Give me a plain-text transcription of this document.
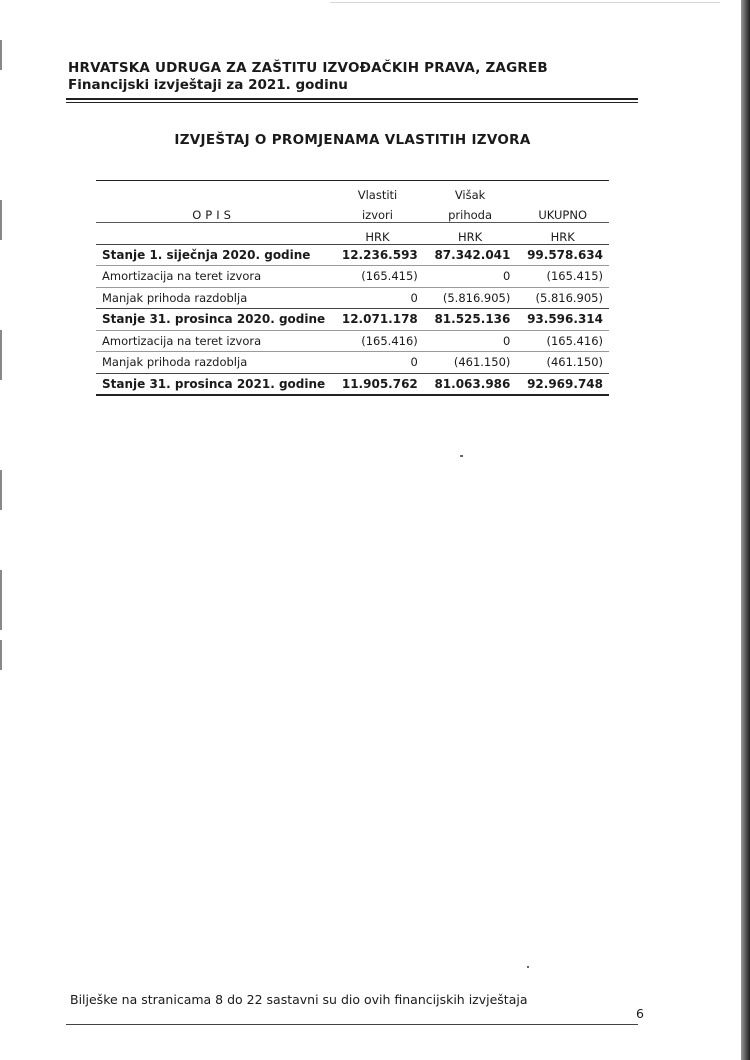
HRVATSKA UDRUGA ZA ZAŠTITU IZVOĐAČKIH PRAVA, ZAGREB
Financijski izvještaji za 2021. godinu
IZVJEŠTAJ O PROMJENAMA VLASTITIH IZVORA
OPIS	Vlastiti	Višak	
	izvori	prihoda	UKUPNO
	HRK	HRK	HRK
Stanje 1. siječnja 2020. godine	12.236.593	87.342.041	99.578.634
Amortizacija na teret izvora	(165.415)	0	(165.415)
Manjak prihoda razdoblja	0	(5.816.905)	(5.816.905)
Stanje 31. prosinca 2020. godine	12.071.178	81.525.136	93.596.314
Amortizacija na teret izvora	(165.416)	0	(165.416)
Manjak prihoda razdoblja	0	(461.150)	(461.150)
Stanje 31. prosinca 2021. godine	11.905.762	81.063.986	92.969.748
Bilješke na stranicama 8 do 22 sastavni su dio ovih financijskih izvještaja
6
